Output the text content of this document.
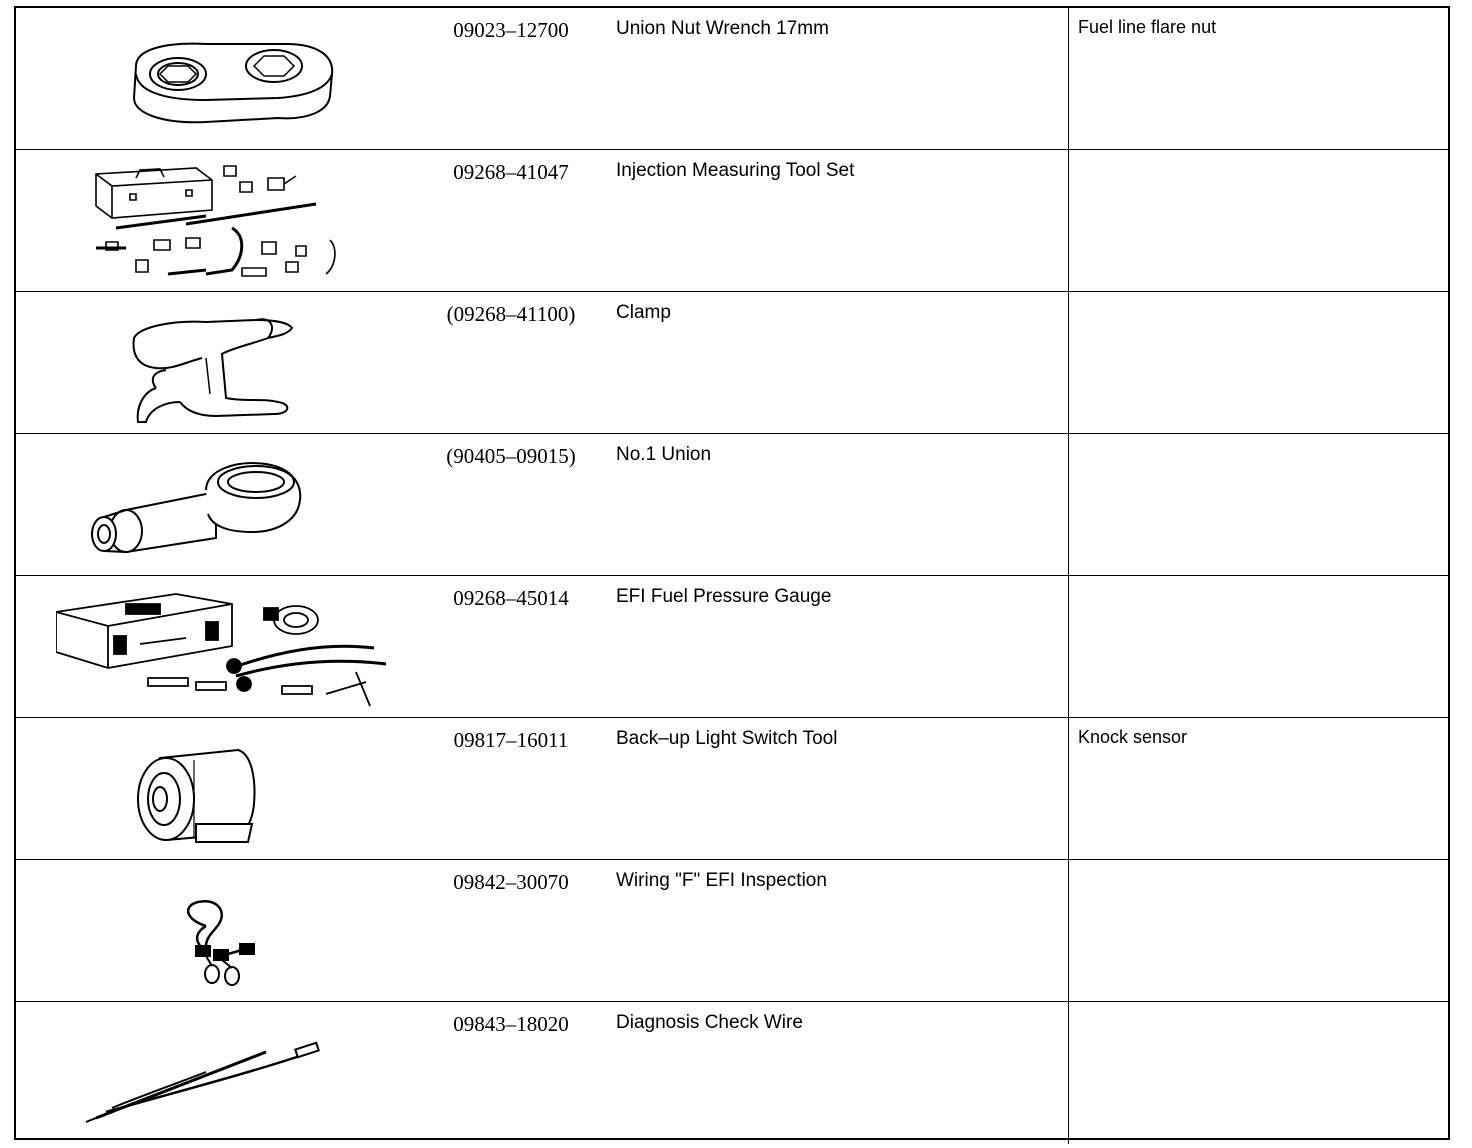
09023–12700	Union Nut Wrench 17mm	Fuel line flare nut
09268–41047	Injection Measuring Tool Set
(09268–41100)	Clamp
(90405–09015)	No.1 Union
09268–45014	EFI Fuel Pressure Gauge
09817–16011	Back–up Light Switch Tool	Knock sensor
09842–30070	Wiring "F" EFI Inspection
09843–18020	Diagnosis Check Wire
